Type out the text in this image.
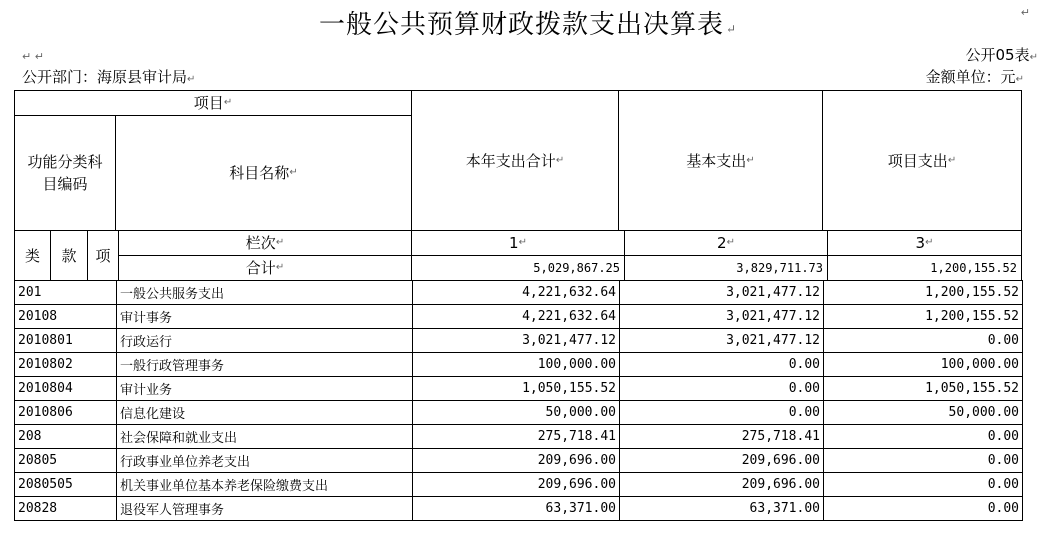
一般公共预算财政拨款支出决算表 ↵
↵
↵ ↵	公开05表↵
公开部门：海原县审计局↵	金额单位：元↵
项目 ↵
功能分类科目编码
科目名称 ↵
本年支出合计 ↵	基本支出 ↵	项目支出 ↵
类 款 项
栏次 ↵	1 ↵	2 ↵	3 ↵
合计 ↵	5,029,867.25	3,829,711.73	1,200,155.52
201	一般公共服务支出	4,221,632.64	3,021,477.12	1,200,155.52
20108	审计事务	4,221,632.64	3,021,477.12	1,200,155.52
2010801	行政运行	3,021,477.12	3,021,477.12	0.00
2010802	一般行政管理事务	100,000.00	0.00	100,000.00
2010804	审计业务	1,050,155.52	0.00	1,050,155.52
2010806	信息化建设	50,000.00	0.00	50,000.00
208	社会保障和就业支出	275,718.41	275,718.41	0.00
20805	行政事业单位养老支出	209,696.00	209,696.00	0.00
2080505	机关事业单位基本养老保险缴费支出	209,696.00	209,696.00	0.00
20828	退役军人管理事务	63,371.00	63,371.00	0.00
